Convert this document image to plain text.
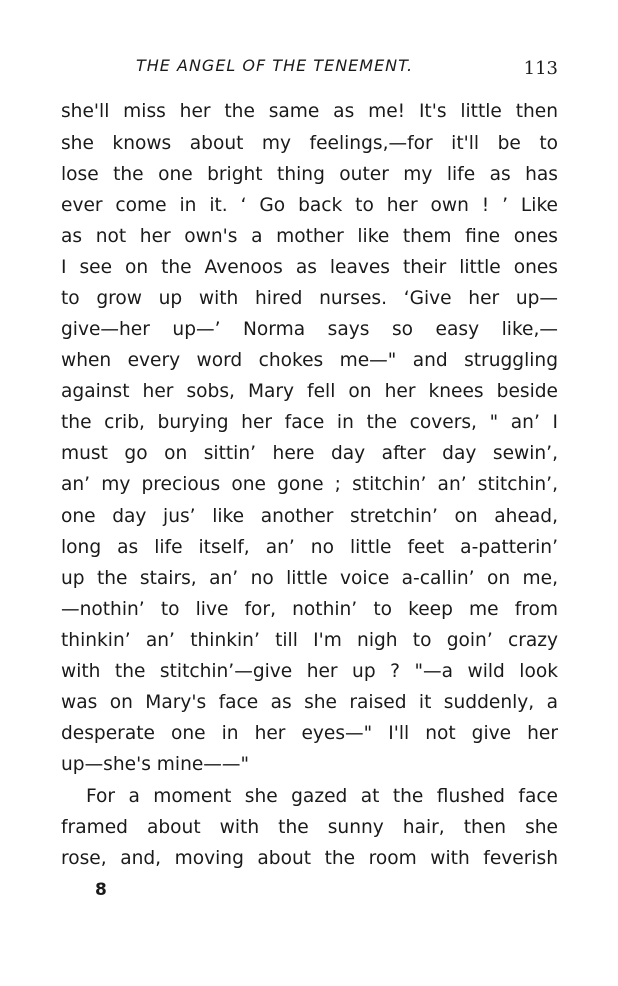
THE ANGEL OF THE TENEMENT.	113
she'll miss her the same as me! It's little then
she knows about my feelings,—for it'll be to
lose the one bright thing outer my life as has
ever come in it. ‘ Go back to her own ! ’ Like
as not her own's a mother like them fine ones
I see on the Avenoos as leaves their little ones
to grow up with hired nurses. ‘Give her up—
give—her up—’ Norma says so easy like,—
when every word chokes me—" and struggling
against her sobs, Mary fell on her knees beside
the crib, burying her face in the covers, " an’ I
must go on sittin’ here day after day sewin’,
an’ my precious one gone ; stitchin’ an’ stitchin’,
one day jus’ like another stretchin’ on ahead,
long as life itself, an’ no little feet a-patterin’
up the stairs, an’ no little voice a-callin’ on me,
—nothin’ to live for, nothin’ to keep me from
thinkin’ an’ thinkin’ till I'm nigh to goin’ crazy
with the stitchin’—give her up ? "—a wild look
was on Mary's face as she raised it suddenly, a
desperate one in her eyes—" I'll not give her
up—she's mine——"
For a moment she gazed at the flushed face
framed about with the sunny hair, then she
rose, and, moving about the room with feverish
8
